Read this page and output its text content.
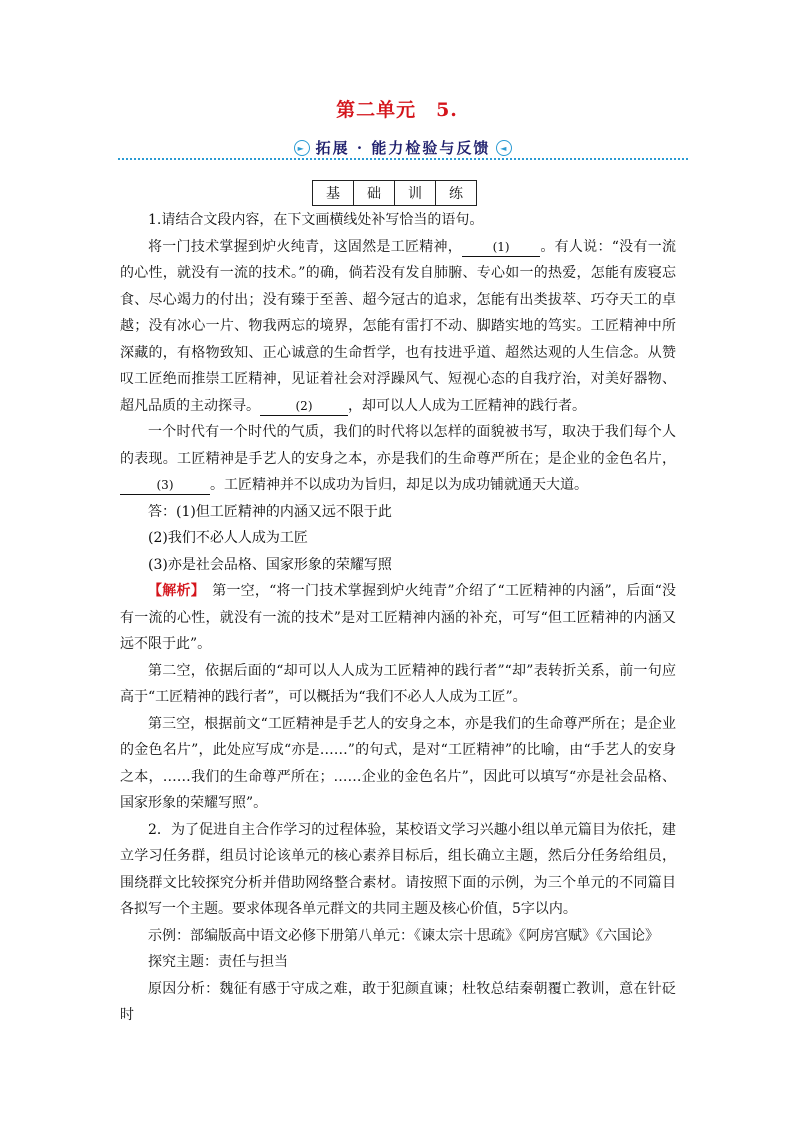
第二单元　5.
► 拓展 · 能力检验与反馈 ◄
基	础	训	练

1.请结合文段内容，在下文画横线处补写恰当的语句。

将一门技术掌握到炉火纯青，这固然是工匠精神，	(1) 。有人说：“没有一流的心性，就没有一流的技术。”的确，倘若没有发自肺腑、专心如一的热爱，怎能有废寝忘食、尽心竭力的付出；没有臻于至善、超今冠古的追求，怎能有出类拔萃、巧夺天工的卓越；没有冰心一片、物我两忘的境界，怎能有雷打不动、脚踏实地的笃实。工匠精神中所深藏的，有格物致知、正心诚意的生命哲学，也有技进乎道、超然达观的人生信念。从赞叹工匠绝而推崇工匠精神，见证着社会对浮躁风气、短视心态的自我疗治，对美好器物、超凡品质的主动探寻。	(2)	，却可以人人成为工匠精神的践行者。

一个时代有一个时代的气质，我们的时代将以怎样的面貌被书写，取决于我们每个人的表现。工匠精神是手艺人的安身之本，亦是我们的生命尊严所在；是企业的金色名片，(3)	。工匠精神并不以成功为旨归，却足以为成功铺就通天大道。

答：(1)但工匠精神的内涵又远不限于此

(2)我们不必人人成为工匠

(3)亦是社会品格、国家形象的荣耀写照

【解析】　 第一空，“将一门技术掌握到炉火纯青”介绍了“工匠精神的内涵”，后面“没有一流的心性，就没有一流的技术”是对工匠精神内涵的补充，可写“但工匠精神的内涵又远不限于此”。

第二空，依据后面的“却可以人人成为工匠精神的践行者”“却”表转折关系，前一句应高于“工匠精神的践行者”，可以概括为“我们不必人人成为工匠”。

第三空，根据前文“工匠精神是手艺人的安身之本，亦是我们的生命尊严所在；是企业的金色名片”，此处应写成“亦是……”的句式，是对“工匠精神”的比喻，由“手艺人的安身之本，……我们的生命尊严所在；……企业的金色名片”，因此可以填写“亦是社会品格、国家形象的荣耀写照”。

2．为了促进自主合作学习的过程体验，某校语文学习兴趣小组以单元篇目为依托，建立学习任务群，组员讨论该单元的核心素养目标后，组长确立主题，然后分任务给组员，围绕群文比较探究分析并借助网络整合素材。请按照下面的示例，为三个单元的不同篇目各拟写一个主题。要求体现各单元群文的共同主题及核心价值，5字以内。

示例：部编版高中语文必修下册第八单元：《谏太宗十思疏》《阿房宫赋》《六国论》

探究主题：责任与担当

原因分析：魏征有感于守成之难，敢于犯颜直谏；杜牧总结秦朝覆亡教训，意在针砭时
